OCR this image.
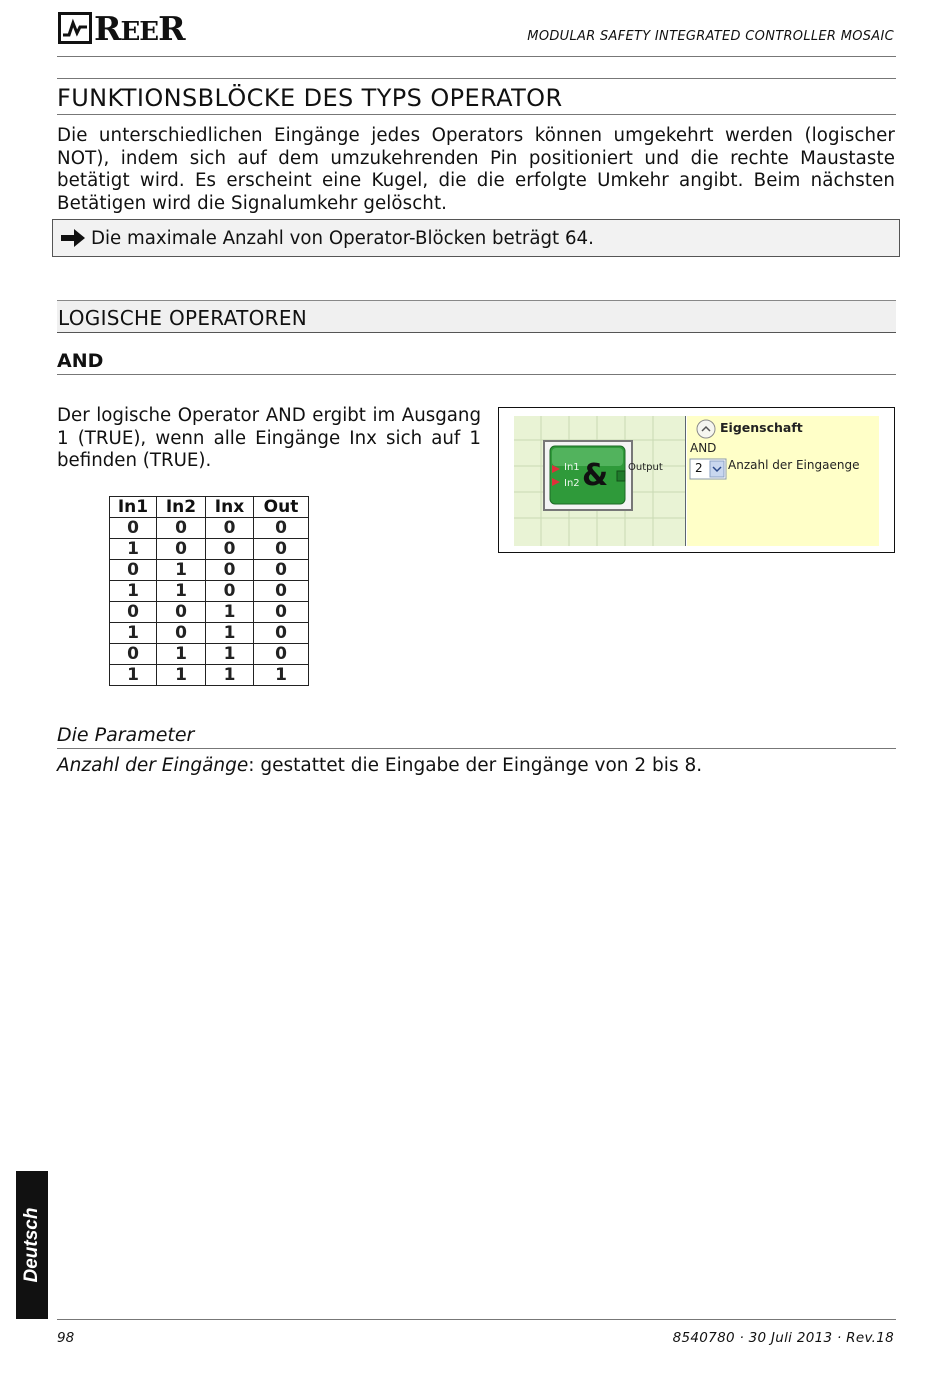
REER	MODULAR SAFETY INTEGRATED CONTROLLER MOSAIC
FUNKTIONSBLÖCKE DES TYPS OPERATOR
Die unterschiedlichen Eingänge jedes Operators können umgekehrt werden (logischer NOT), indem sich auf dem umzukehrenden Pin positioniert und die rechte Maustaste betätigt wird. Es erscheint eine Kugel, die die erfolgte Umkehr angibt. Beim nächsten Betätigen wird die Signalumkehr gelöscht.
Die maximale Anzahl von Operator-Blöcken beträgt 64.
LOGISCHE OPERATOREN
AND
Der logische Operator AND ergibt im Ausgang 1 (TRUE), wenn alle Eingänge Inx sich auf 1 befinden (TRUE).
In1	In2	Inx	Out
0	0	0	0
1	0	0	0
0	1	0	0
1	1	0	0
0	0	1	0
1	0	1	0
0	1	1	0
1	1	1	1
In1
In2 & Output
Eigenschaft
AND
2 Anzahl der Eingaenge
Die Parameter
Anzahl der Eingänge: gestattet die Eingabe der Eingänge von 2 bis 8.
Deutsch
98	8540780 · 30 Juli 2013 · Rev.18
